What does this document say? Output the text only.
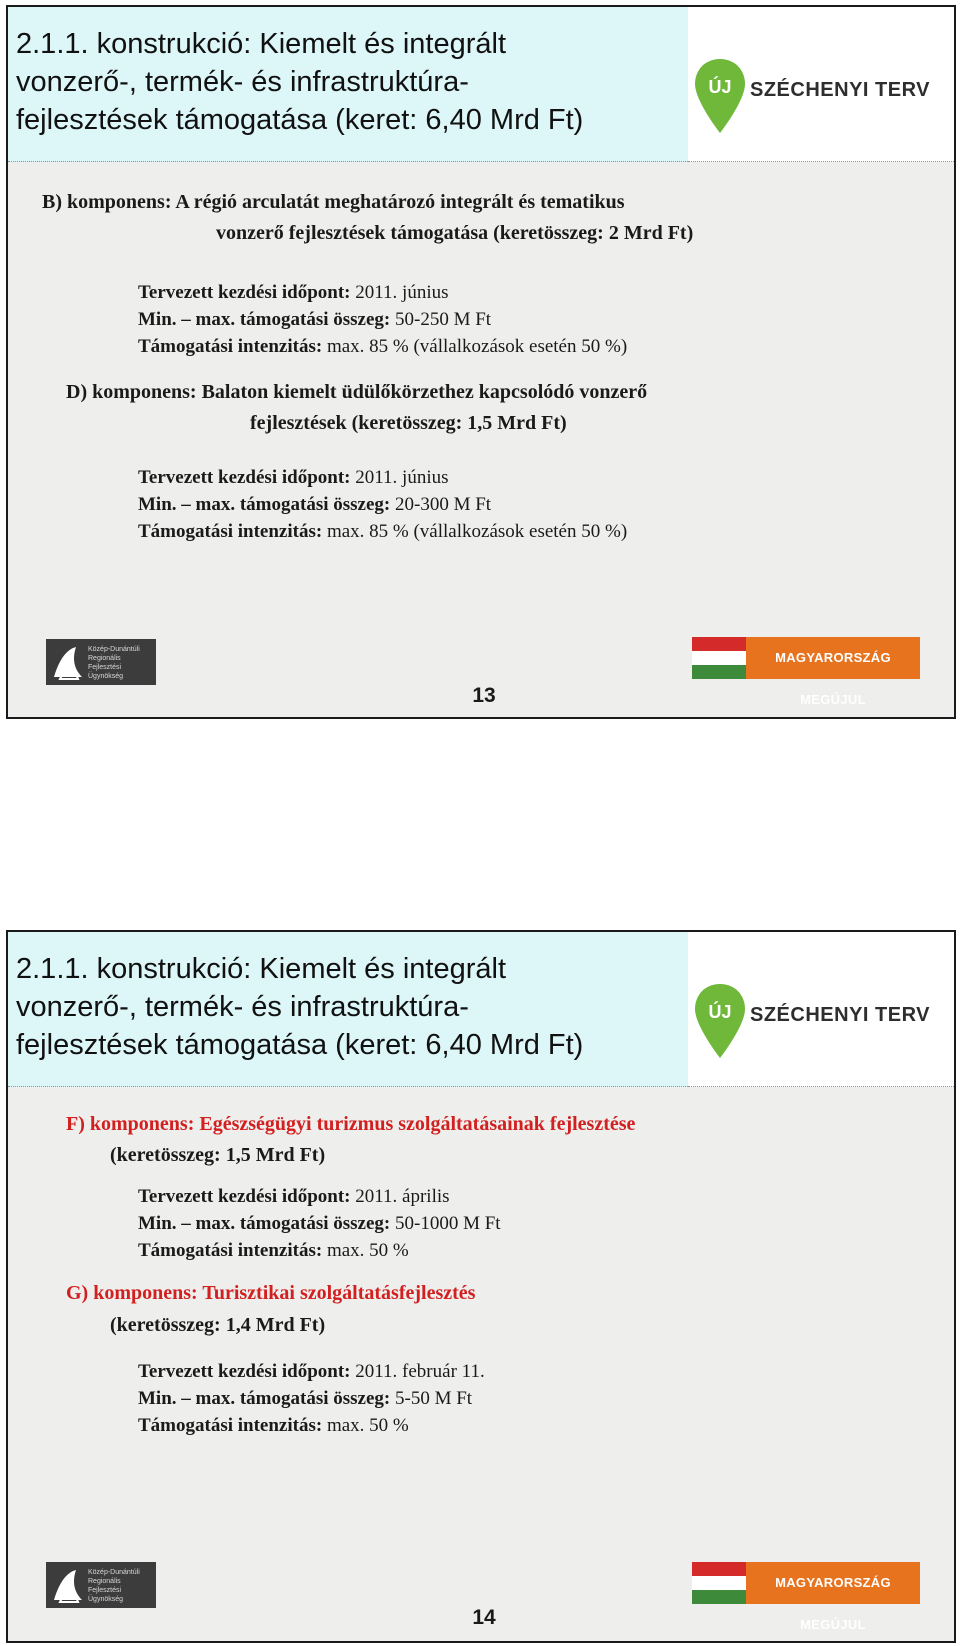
2.1.1. konstrukció: Kiemelt és integrált
vonzerő-, termék- és infrastruktúra-
fejlesztések támogatása (keret: 6,40 Mrd Ft)
ÚJ SZÉCHENYI TERV
B) komponens: A régió arculatát meghatározó integrált és tematikus
vonzerő fejlesztések támogatása (keretösszeg: 2 Mrd Ft)
Tervezett kezdési időpont: 2011. június
Min. – max. támogatási összeg: 50-250 M Ft
Támogatási intenzitás: max. 85 % (vállalkozások esetén 50 %)
D) komponens: Balaton kiemelt üdülőkörzethez kapcsolódó vonzerő
fejlesztések (keretösszeg: 1,5 Mrd Ft)
Tervezett kezdési időpont: 2011. június
Min. – max. támogatási összeg: 20-300 M Ft
Támogatási intenzitás: max. 85 % (vállalkozások esetén 50 %)
Közép-Dunántúli Regionális Fejlesztési Ügynökség
MAGYARORSZÁG MEGÚJUL
13
2.1.1. konstrukció: Kiemelt és integrált
vonzerő-, termék- és infrastruktúra-
fejlesztések támogatása (keret: 6,40 Mrd Ft)
ÚJ SZÉCHENYI TERV
F) komponens: Egészségügyi turizmus szolgáltatásainak fejlesztése
(keretösszeg: 1,5 Mrd Ft)
Tervezett kezdési időpont: 2011. április
Min. – max. támogatási összeg: 50-1000 M Ft
Támogatási intenzitás: max. 50 %
G) komponens: Turisztikai szolgáltatásfejlesztés
(keretösszeg: 1,4 Mrd Ft)
Tervezett kezdési időpont: 2011. február 11.
Min. – max. támogatási összeg: 5-50 M Ft
Támogatási intenzitás: max. 50 %
Közép-Dunántúli Regionális Fejlesztési Ügynökség
MAGYARORSZÁG MEGÚJUL
14
